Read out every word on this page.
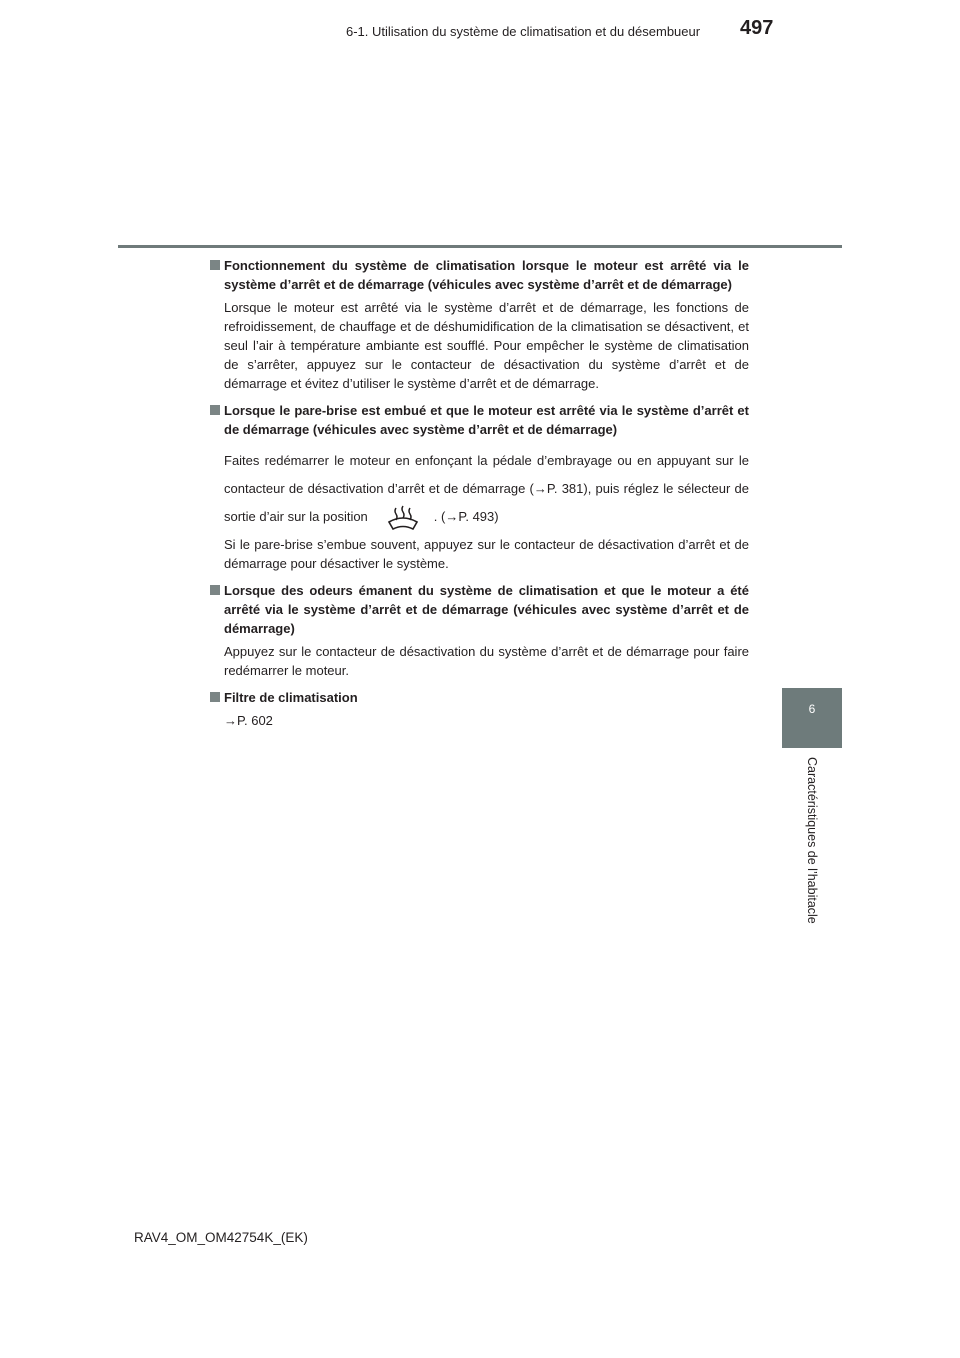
6-1. Utilisation du système de climatisation et du désembueur 497
6
Caractéristiques de l’habitacle
Fonctionnement du système de climatisation lorsque le moteur est arrêté via le système d’arrêt et de démarrage (véhicules avec système d’arrêt et de démarrage)
Lorsque le moteur est arrêté via le système d’arrêt et de démarrage, les fonctions de refroidissement, de chauffage et de déshumidification de la climatisation se désactivent, et seul l’air à température ambiante est soufflé. Pour empêcher le système de climatisation de s’arrêter, appuyez sur le contacteur de désactivation du système d’arrêt et de démarrage et évitez d’utiliser le système d’arrêt et de démarrage.
Lorsque le pare-brise est embué et que le moteur est arrêté via le système d’arrêt et de démarrage (véhicules avec système d’arrêt et de démarrage)
Faites redémarrer le moteur en enfonçant la pédale d’embrayage ou en appuyant sur le contacteur de désactivation d’arrêt et de démarrage (→P. 381), puis réglez le sélecteur de sortie d’air sur la position	. (→P. 493)
Si le pare-brise s’embue souvent, appuyez sur le contacteur de désactivation d’arrêt et de démarrage pour désactiver le système.
Lorsque des odeurs émanent du système de climatisation et que le moteur a été arrêté via le système d’arrêt et de démarrage (véhicules avec système d’arrêt et de démarrage)
Appuyez sur le contacteur de désactivation du système d’arrêt et de démarrage pour faire redémarrer le moteur.
Filtre de climatisation
→P. 602
RAV4_OM_OM42754K_(EK)
